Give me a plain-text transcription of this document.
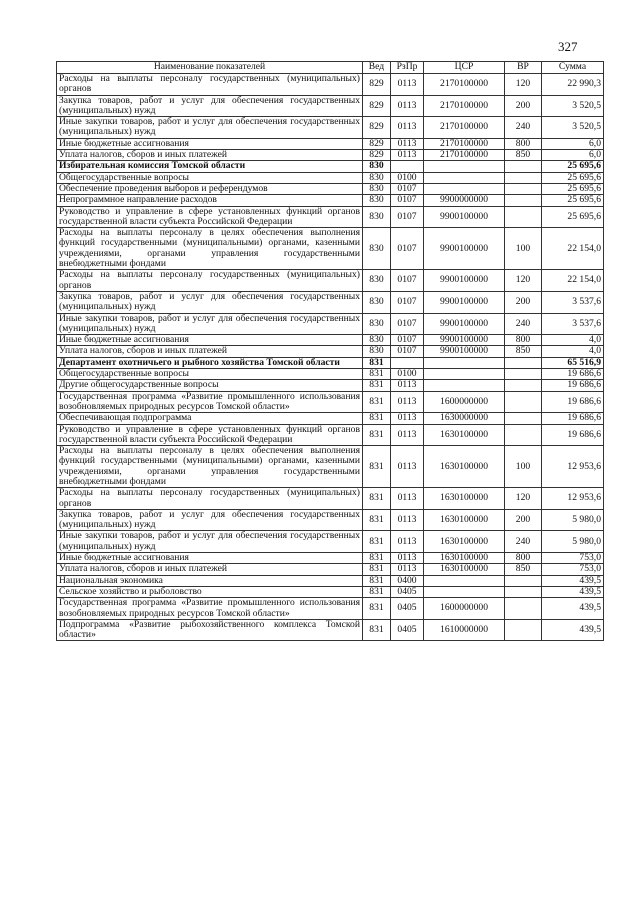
327
Наименование показателей	Вед	РзПр	ЦСР	ВР	Сумма
Расходы на выплаты персоналу государственных (муниципальных) органов	829	0113	2170100000	120	22 990,3
Закупка товаров, работ и услуг для обеспечения государственных (муниципальных) нужд	829	0113	2170100000	200	3 520,5
Иные закупки товаров, работ и услуг для обеспечения государственных (муниципальных) нужд	829	0113	2170100000	240	3 520,5
Иные бюджетные ассигнования	829	0113	2170100000	800	6,0
Уплата налогов, сборов и иных платежей	829	0113	2170100000	850	6,0
Избирательная комиссия Томской области	830				25 695,6
Общегосударственные вопросы	830	0100			25 695,6
Обеспечение проведения выборов и референдумов	830	0107			25 695,6
Непрограммное направление расходов	830	0107	9900000000		25 695,6
Руководство и управление в сфере установленных функций органов государственной власти субъекта Российской Федерации	830	0107	9900100000		25 695,6
Расходы на выплаты персоналу в целях обеспечения выполнения функций государственными (муниципальными) органами, казенными учреждениями, органами управления государственными внебюджетными фондами	830	0107	9900100000	100	22 154,0
Расходы на выплаты персоналу государственных (муниципальных) органов	830	0107	9900100000	120	22 154,0
Закупка товаров, работ и услуг для обеспечения государственных (муниципальных) нужд	830	0107	9900100000	200	3 537,6
Иные закупки товаров, работ и услуг для обеспечения государственных (муниципальных) нужд	830	0107	9900100000	240	3 537,6
Иные бюджетные ассигнования	830	0107	9900100000	800	4,0
Уплата налогов, сборов и иных платежей	830	0107	9900100000	850	4,0
Департамент охотничьего и рыбного хозяйства Томской области	831				65 516,9
Общегосударственные вопросы	831	0100			19 686,6
Другие общегосударственные вопросы	831	0113			19 686,6
Государственная программа «Развитие промышленного использования возобновляемых природных ресурсов Томской области»	831	0113	1600000000		19 686,6
Обеспечивающая подпрограмма	831	0113	1630000000		19 686,6
Руководство и управление в сфере установленных функций органов государственной власти субъекта Российской Федерации	831	0113	1630100000		19 686,6
Расходы на выплаты персоналу в целях обеспечения выполнения функций государственными (муниципальными) органами, казенными учреждениями, органами управления государственными внебюджетными фондами	831	0113	1630100000	100	12 953,6
Расходы на выплаты персоналу государственных (муниципальных) органов	831	0113	1630100000	120	12 953,6
Закупка товаров, работ и услуг для обеспечения государственных (муниципальных) нужд	831	0113	1630100000	200	5 980,0
Иные закупки товаров, работ и услуг для обеспечения государственных (муниципальных) нужд	831	0113	1630100000	240	5 980,0
Иные бюджетные ассигнования	831	0113	1630100000	800	753,0
Уплата налогов, сборов и иных платежей	831	0113	1630100000	850	753,0
Национальная экономика	831	0400			439,5
Сельское хозяйство и рыболовство	831	0405			439,5
Государственная программа «Развитие промышленного использования возобновляемых природных ресурсов Томской области»	831	0405	1600000000		439,5
Подпрограмма «Развитие рыбохозяйственного комплекса Томской области»	831	0405	1610000000		439,5
